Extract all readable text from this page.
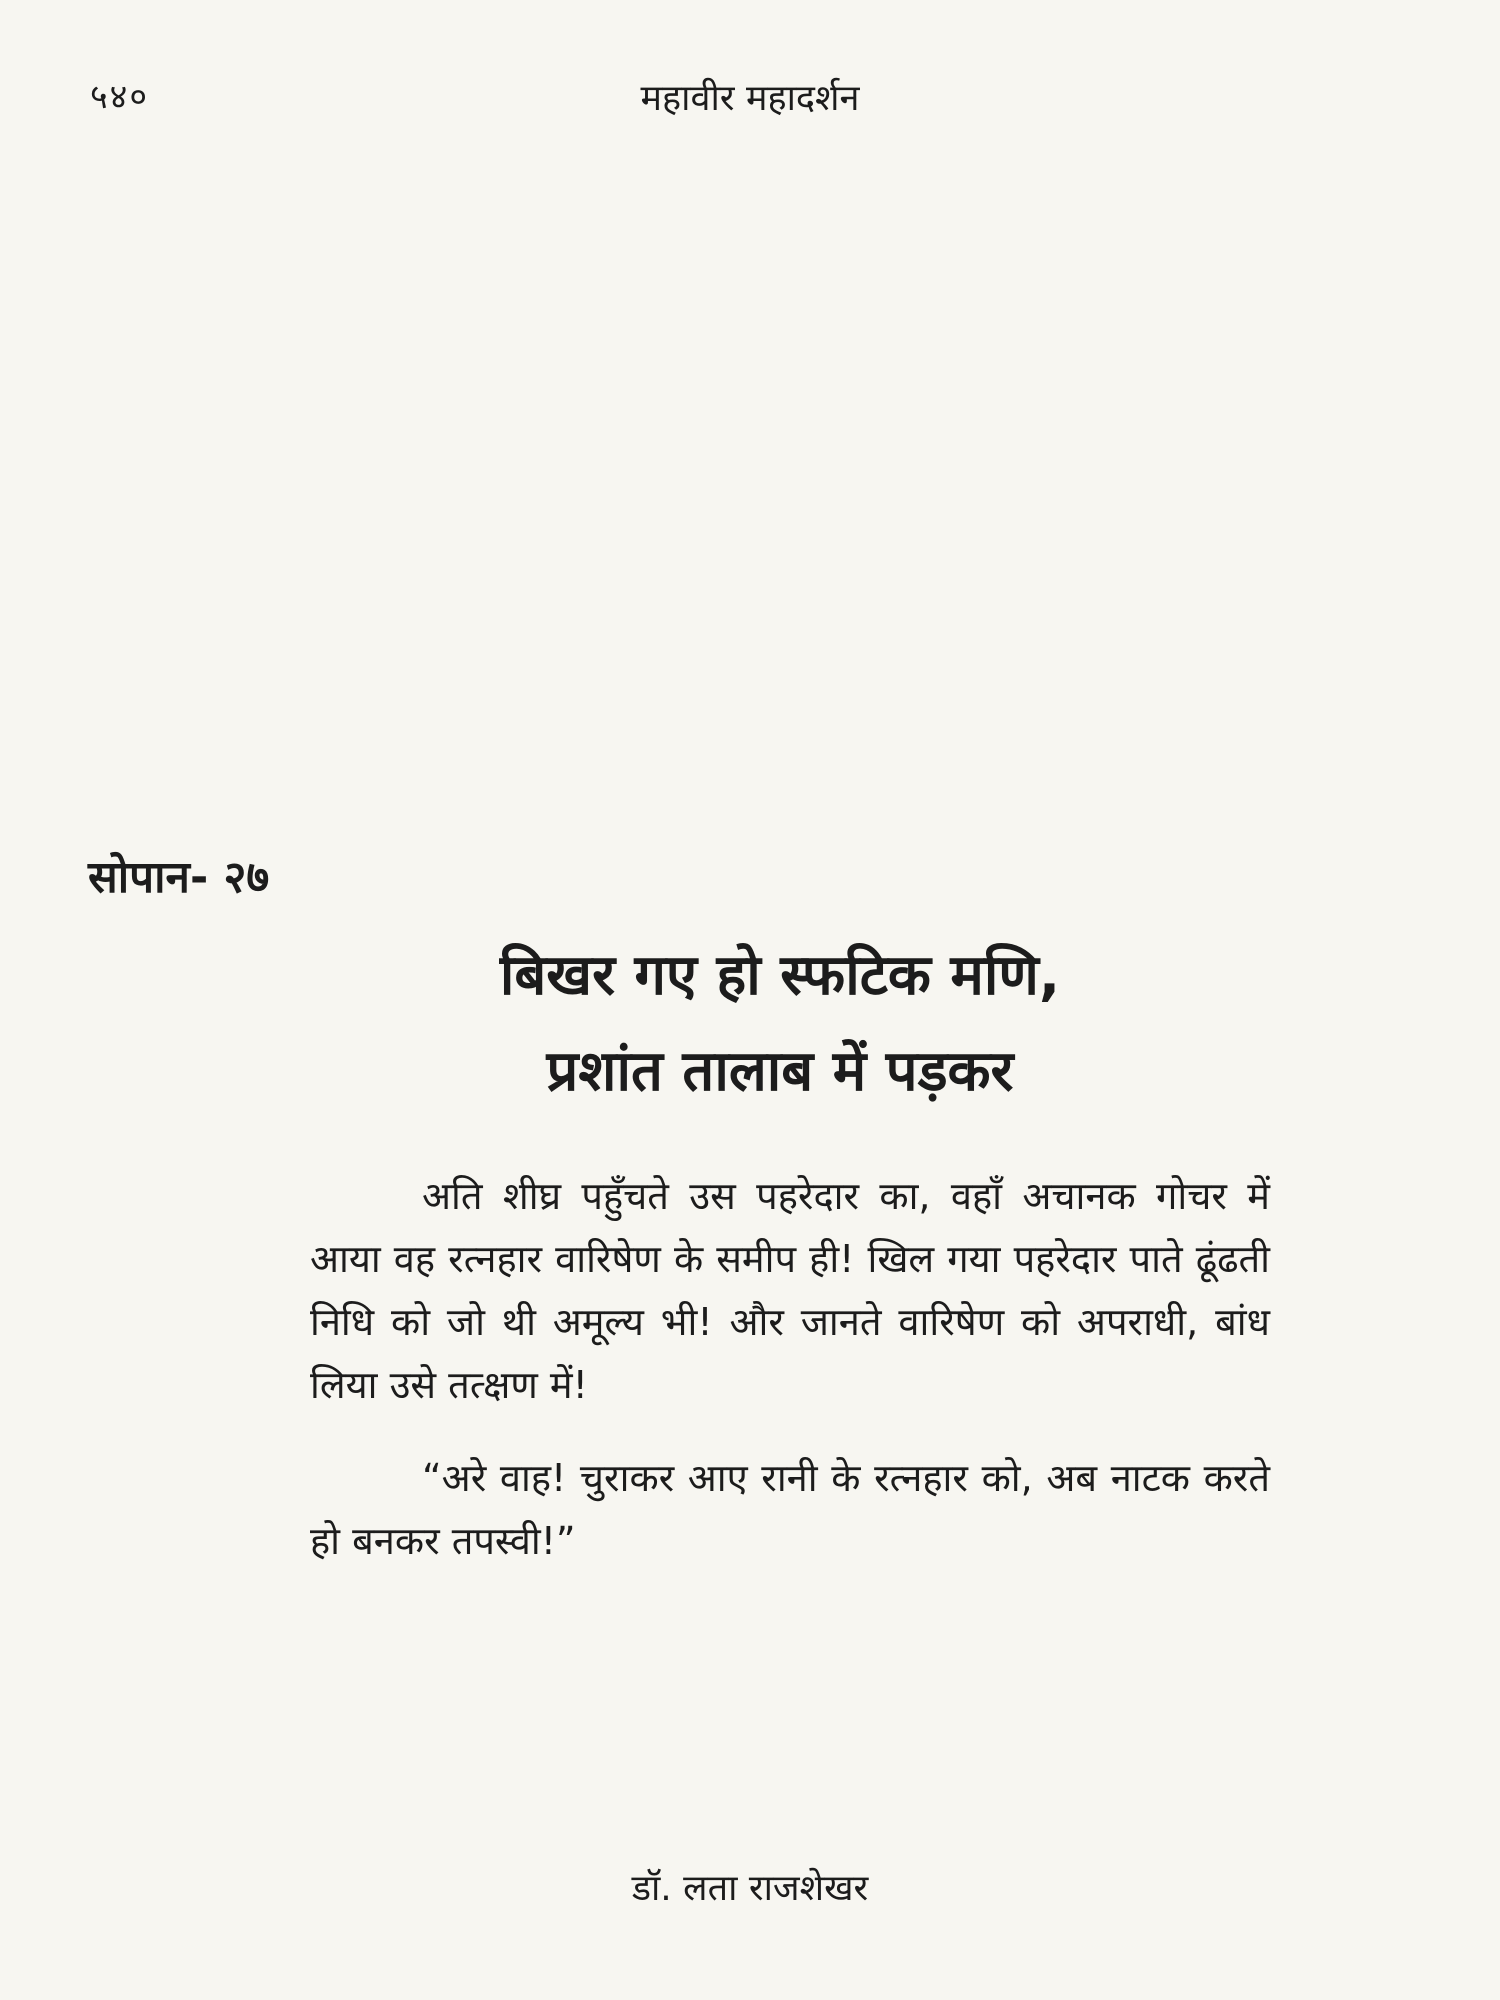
५४०	महावीर महादर्शन
सोपान- २७
बिखर गए हो स्फटिक मणि,
प्रशांत तालाब में पड़कर

अति शीघ्र पहुँचते उस पहरेदार का, वहाँ अचानक गोचर में आया वह रत्नहार वारिषेण के समीप ही! खिल गया पहरेदार पाते ढूंढती निधि को जो थी अमूल्य भी! और जानते वारिषेण को अपराधी, बांध लिया उसे तत्क्षण में!

“अरे वाह! चुराकर आए रानी के रत्नहार को, अब नाटक करते हो बनकर तपस्वी!”

डॉ. लता राजशेखर
